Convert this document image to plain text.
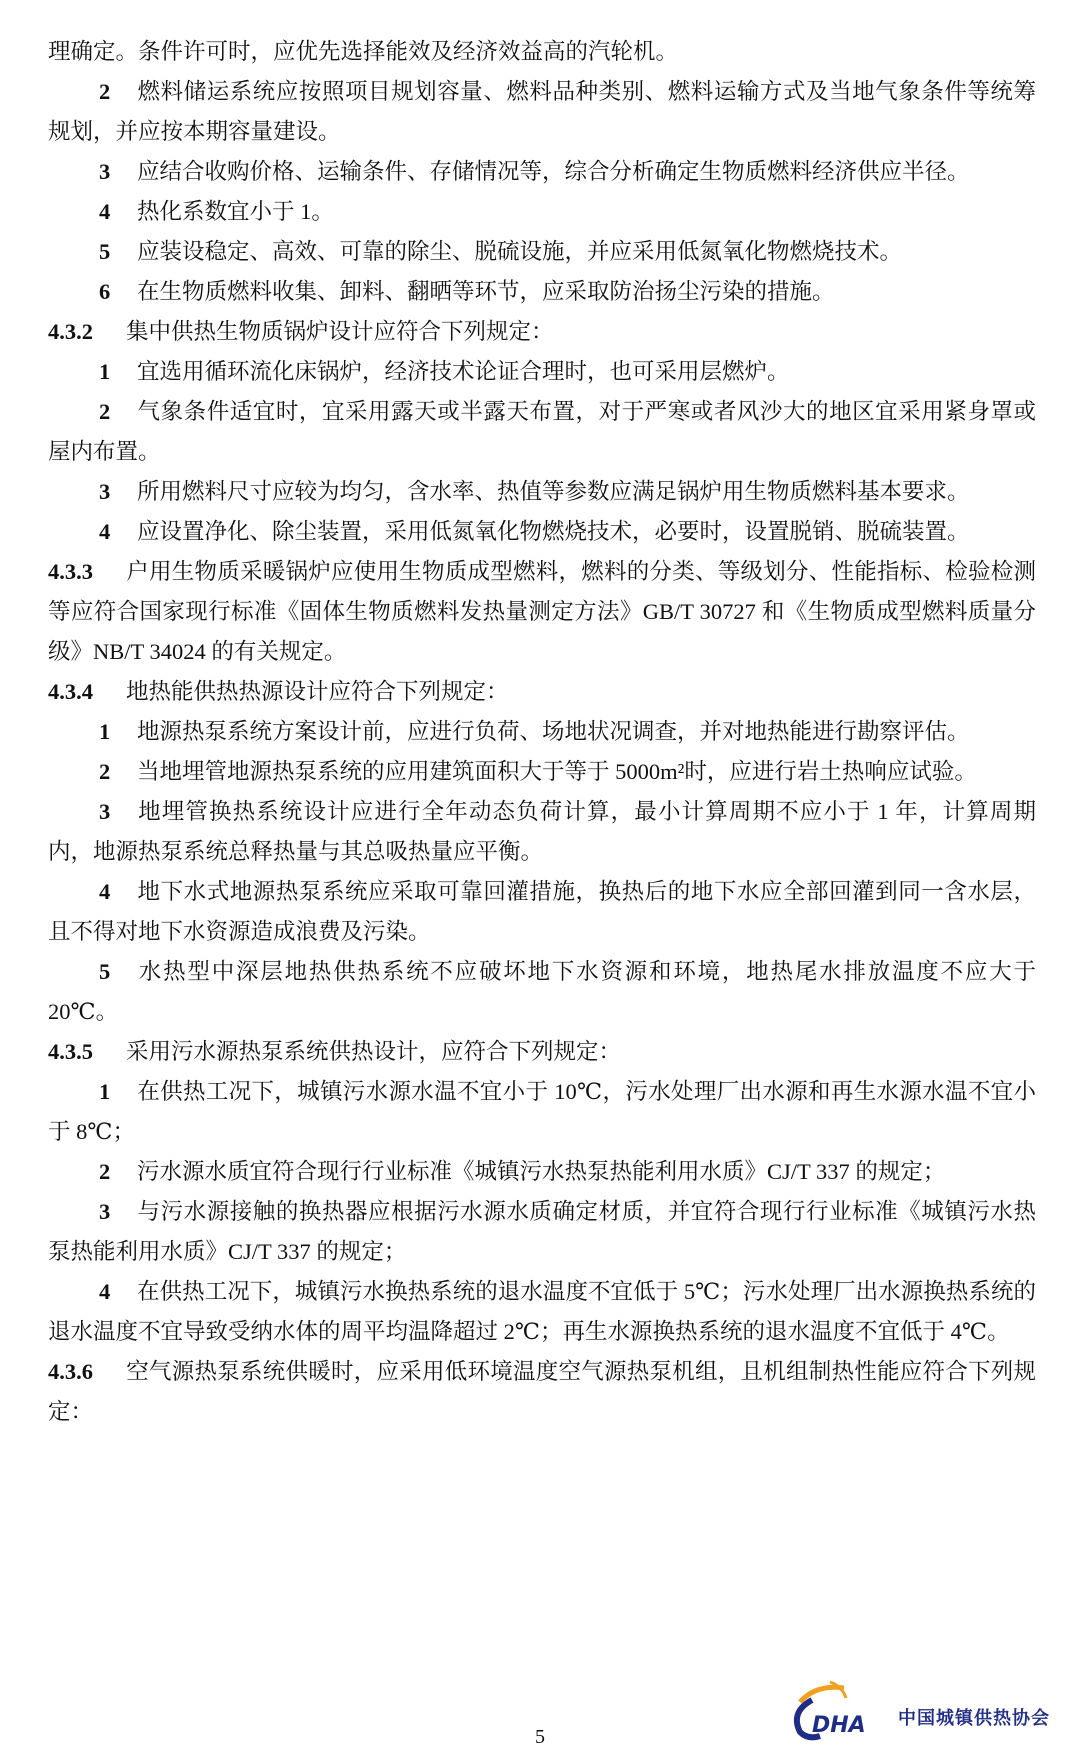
理确定。条件许可时，应优先选择能效及经济效益高的汽轮机。

2 燃料储运系统应按照项目规划容量、燃料品种类别、燃料运输方式及当地气象条件等统筹规划，并应按本期容量建设。

3 应结合收购价格、运输条件、存储情况等，综合分析确定生物质燃料经济供应半径。

4 热化系数宜小于 1。

5 应装设稳定、高效、可靠的除尘、脱硫设施，并应采用低氮氧化物燃烧技术。

6 在生物质燃料收集、卸料、翻晒等环节，应采取防治扬尘污染的措施。

4.3.2 集中供热生物质锅炉设计应符合下列规定：

1 宜选用循环流化床锅炉，经济技术论证合理时，也可采用层燃炉。

2 气象条件适宜时，宜采用露天或半露天布置，对于严寒或者风沙大的地区宜采用紧身罩或屋内布置。

3 所用燃料尺寸应较为均匀，含水率、热值等参数应满足锅炉用生物质燃料基本要求。

4 应设置净化、除尘装置，采用低氮氧化物燃烧技术，必要时，设置脱销、脱硫装置。

4.3.3 户用生物质采暖锅炉应使用生物质成型燃料，燃料的分类、等级划分、性能指标、检验检测等应符合国家现行标准《固体生物质燃料发热量测定方法》GB/T 30727 和《生物质成型燃料质量分级》NB/T 34024 的有关规定。

4.3.4 地热能供热热源设计应符合下列规定：

1 地源热泵系统方案设计前，应进行负荷、场地状况调查，并对地热能进行勘察评估。

2 当地埋管地源热泵系统的应用建筑面积大于等于 5000m²时，应进行岩土热响应试验。

3 地埋管换热系统设计应进行全年动态负荷计算，最小计算周期不应小于 1 年，计算周期内，地源热泵系统总释热量与其总吸热量应平衡。

4 地下水式地源热泵系统应采取可靠回灌措施，换热后的地下水应全部回灌到同一含水层，且不得对地下水资源造成浪费及污染。

5 水热型中深层地热供热系统不应破坏地下水资源和环境，地热尾水排放温度不应大于 20℃。

4.3.5 采用污水源热泵系统供热设计，应符合下列规定：

1 在供热工况下，城镇污水源水温不宜小于 10℃，污水处理厂出水源和再生水源水温不宜小于 8℃；

2 污水源水质宜符合现行行业标准《城镇污水热泵热能利用水质》CJ/T 337 的规定；

3 与污水源接触的换热器应根据污水源水质确定材质，并宜符合现行行业标准《城镇污水热泵热能利用水质》CJ/T 337 的规定；

4 在供热工况下，城镇污水换热系统的退水温度不宜低于 5℃；污水处理厂出水源换热系统的退水温度不宜导致受纳水体的周平均温降超过 2℃；再生水源换热系统的退水温度不宜低于 4℃。

4.3.6 空气源热泵系统供暖时，应采用低环境温度空气源热泵机组，且机组制热性能应符合下列规定：

5	DHA 中国城镇供热协会
